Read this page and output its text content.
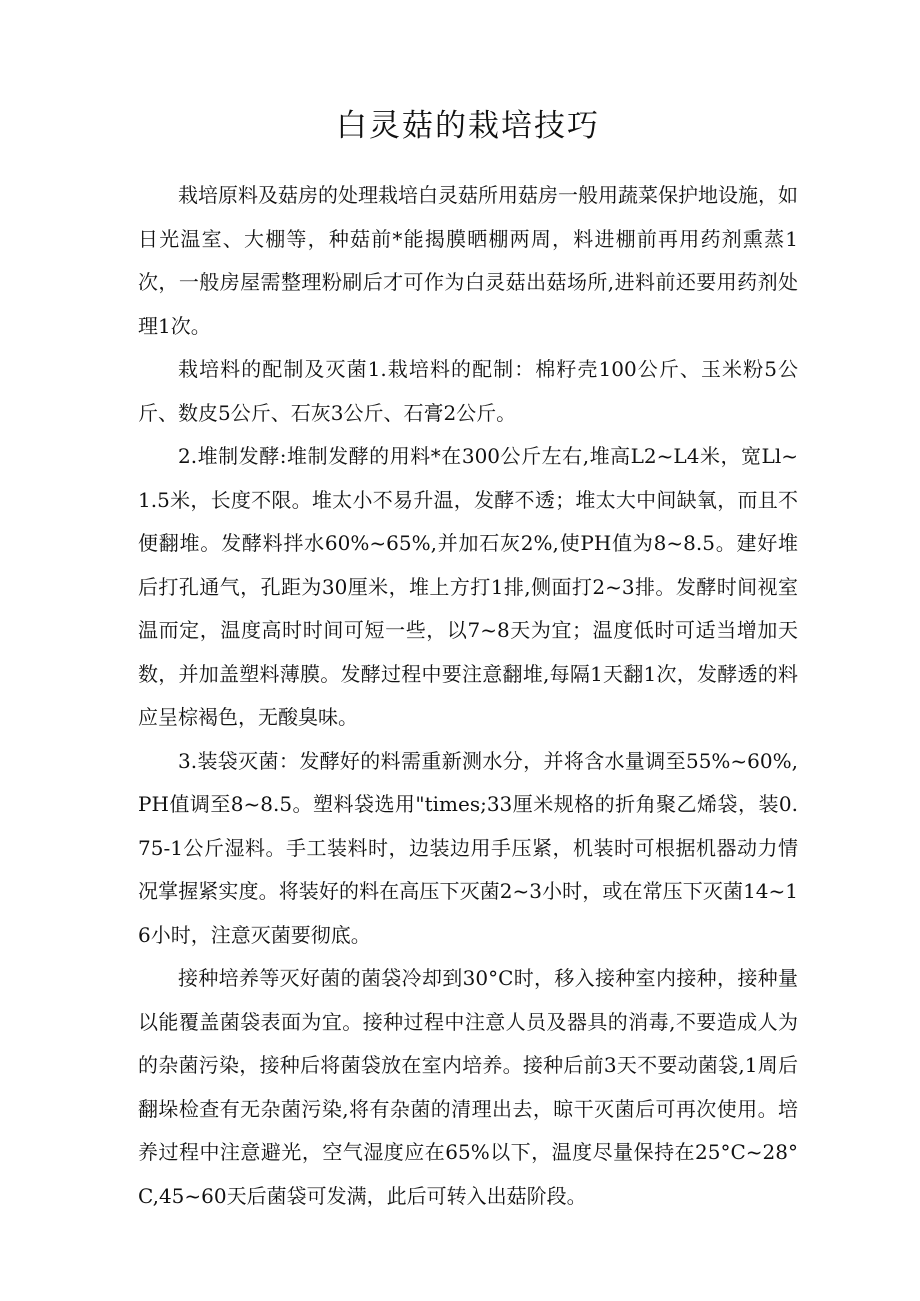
白灵菇的栽培技巧

栽培原料及菇房的处理栽培白灵菇所用菇房一般用蔬菜保护地设施，如日光温室、大棚等，种菇前*能揭膜晒棚两周，料进棚前再用药剂熏蒸1次，一般房屋需整理粉刷后才可作为白灵菇出菇场所,进料前还要用药剂处理1次。

栽培料的配制及灭菌1.栽培料的配制：棉籽壳100公斤、玉米粉5公斤、数皮5公斤、石灰3公斤、石膏2公斤。

2.堆制发酵:堆制发酵的用料*在300公斤左右,堆高L2~L4米，宽Ll~1.5米，长度不限。堆太小不易升温，发酵不透；堆太大中间缺氧，而且不便翻堆。发酵料拌水60%~65%,并加石灰2%,使PH值为8~8.5。建好堆后打孔通气，孔距为30厘米，堆上方打1排,侧面打2~3排。发酵时间视室温而定，温度高时时间可短一些，以7~8天为宜；温度低时可适当增加天数，并加盖塑料薄膜。发酵过程中要注意翻堆,每隔1天翻1次，发酵透的料应呈棕褐色，无酸臭味。

3.装袋灭菌：发酵好的料需重新测水分，并将含水量调至55%~60%,PH值调至8~8.5。塑料袋选用"times;33厘米规格的折角聚乙烯袋，装0.75-1公斤湿料。手工装料时，边装边用手压紧，机装时可根据机器动力情况掌握紧实度。将装好的料在高压下灭菌2~3小时，或在常压下灭菌14~16小时，注意灭菌要彻底。

接种培养等灭好菌的菌袋冷却到30°C时，移入接种室内接种，接种量以能覆盖菌袋表面为宜。接种过程中注意人员及器具的消毒,不要造成人为的杂菌污染，接种后将菌袋放在室内培养。接种后前3天不要动菌袋,1周后翻垛检查有无杂菌污染,将有杂菌的清理出去，晾干灭菌后可再次使用。培养过程中注意避光，空气湿度应在65%以下，温度尽量保持在25°C~28°C,45~60天后菌袋可发满，此后可转入出菇阶段。
